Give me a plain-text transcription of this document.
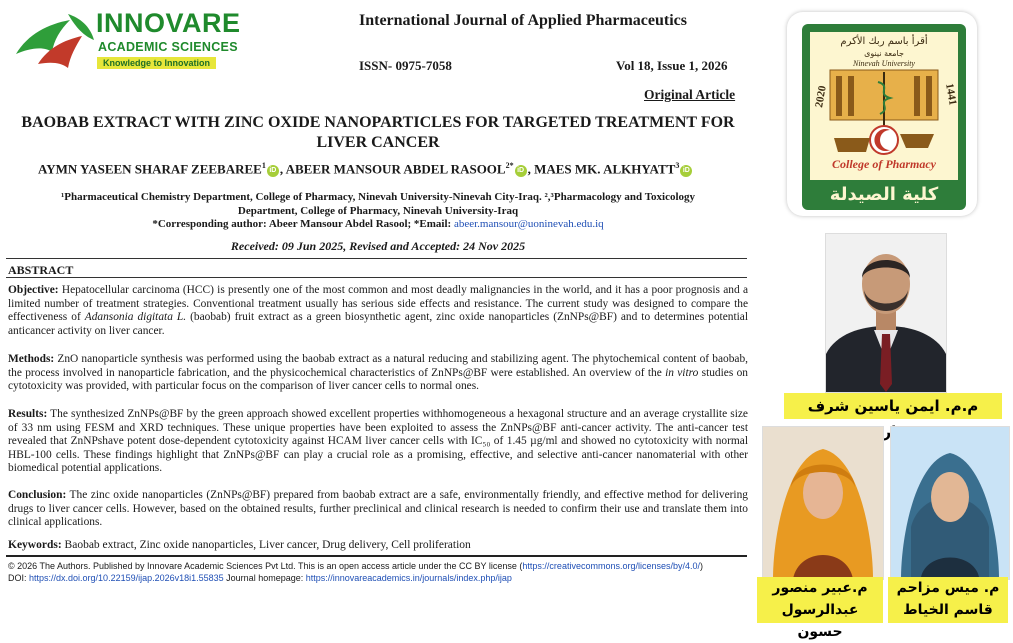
INNOVARE
ACADEMIC SCIENCES
Knowledge to Innovation
International Journal of Applied Pharmaceutics
ISSN- 0975-7058	Vol 18, Issue 1, 2026
Original Article
BAOBAB EXTRACT WITH ZINC OXIDE NANOPARTICLES FOR TARGETED TREATMENT FOR
LIVER CANCER
AYMN YASEEN SHARAF ZEEBAREE$^1$iD , ABEER MANSOUR ABDEL $RASOOL^{2*}iD$ , MAES MK. ALKHYATT$^3$iD
¹Pharmaceutical Chemistry Department, College of Pharmacy, Ninevah University-Ninevah City-Iraq. ²,³Pharmacology and Toxicology
Department, College of Pharmacy, Ninevah University-Iraq
*Corresponding author: Abeer Mansour Abdel Rasool; *Email: abeer.mansour@uoninevah.edu.iq
Received: 09 Jun 2025, Revised and Accepted: 24 Nov 2025
ABSTRACT
Objective: Hepatocellular carcinoma (HCC) is presently one of the most common and most deadly malignancies in the world, and it has a poor prognosis and a limited number of treatment strategies. Conventional treatment usually has serious side effects and resistance. The current study was designed to compare the effectiveness of Adansonia digitata L. (baobab) fruit extract as a green biosynthetic agent, zinc oxide nanoparticles (ZnNPs@BF) and to determines potential anticancer activity on liver cancer.
Methods: ZnO nanoparticle synthesis was performed using the baobab extract as a natural reducing and stabilizing agent. The phytochemical content of baobab, the process involved in nanoparticle fabrication, and the physicochemical characteristics of ZnNPs@BF were established. An overview of the in vitro studies on cytotoxicity was provided, with particular focus on the comparison of liver cancer cells to normal ones.
Results: The synthesized ZnNPs@BF by the green approach showed excellent properties withhomogeneous a hexagonal structure and an average crystallite size of 33 nm using FESM and XRD techniques. These unique properties have been exploited to assess the ZnNPs@BF anti-cancer activity. The anti-cancer test revealed that ZnNPshave potent dose-dependent cytotoxicity against HCAM liver cancer cells with IC₅₀ of 1.45 µg/ml and showed no cytotoxicity with normal HBL-100 cells. These findings highlight that ZnNPs@BF can play a crucial role as a promising, effective, and selective anti-cancer nanomaterial with other biomedical potential applications.
Conclusion: The zinc oxide nanoparticles (ZnNPs@BF) prepared from baobab extract are a safe, environmentally friendly, and effective method for delivering drugs to liver cancer cells. However, based on the obtained results, further preclinical and clinical research is needed to confirm their use and translate them into clinical applications.
Keywords: Baobab extract, Zinc oxide nanoparticles, Liver cancer, Drug delivery, Cell proliferation
© 2026 The Authors. Published by Innovare Academic Sciences Pvt Ltd. This is an open access article under the CC BY license (https://creativecommons.org/licenses/by/4.0/)
DOI: https://dx.doi.org/10.22159/ijap.2026v18i1.55835 Journal homepage: https://innovareacademics.in/journals/index.php/ijap
أقرأ باسم ربك الأكرم
جامعة نينوى
Ninevah University
2020	1441
College of Pharmacy
كلية الصيدلة
م.م. ايمن ياسين شرف
م.عبير منصور
عبدالرسول حسون
م. ميس مزاحم
قاسم الخياط
